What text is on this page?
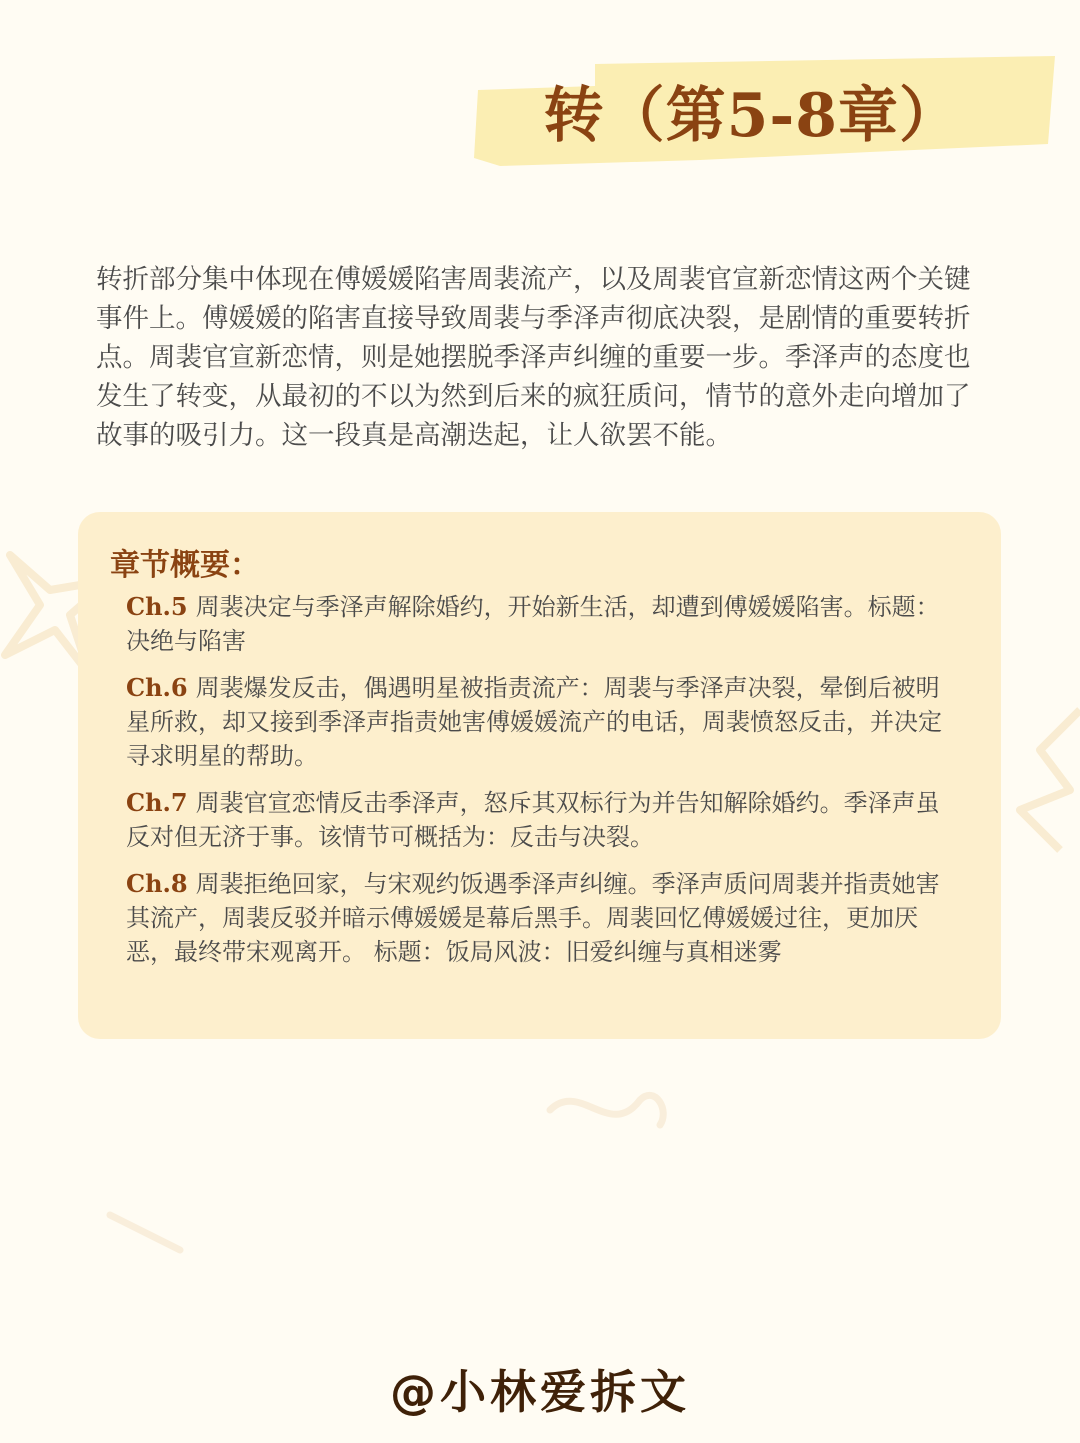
转（第5-8章）

转折部分集中体现在傅媛媛陷害周裴流产，以及周裴官宣新恋情这两个关键事件上。傅媛媛的陷害直接导致周裴与季泽声彻底决裂，是剧情的重要转折点。周裴官宣新恋情，则是她摆脱季泽声纠缠的重要一步。季泽声的态度也发生了转变，从最初的不以为然到后来的疯狂质问，情节的意外走向增加了故事的吸引力。这一段真是高潮迭起，让人欲罢不能。

章节概要：

Ch.5 周裴决定与季泽声解除婚约，开始新生活，却遭到傅媛媛陷害。标题：决绝与陷害

Ch.6 周裴爆发反击，偶遇明星被指责流产：周裴与季泽声决裂，晕倒后被明星所救，却又接到季泽声指责她害傅媛媛流产的电话，周裴愤怒反击，并决定寻求明星的帮助。

Ch.7 周裴官宣恋情反击季泽声，怒斥其双标行为并告知解除婚约。季泽声虽反对但无济于事。该情节可概括为：反击与决裂。

Ch.8 周裴拒绝回家，与宋观约饭遇季泽声纠缠。季泽声质问周裴并指责她害其流产，周裴反驳并暗示傅媛媛是幕后黑手。周裴回忆傅媛媛过往，更加厌恶，最终带宋观离开。 标题：饭局风波：旧爱纠缠与真相迷雾

@小林爱拆文
